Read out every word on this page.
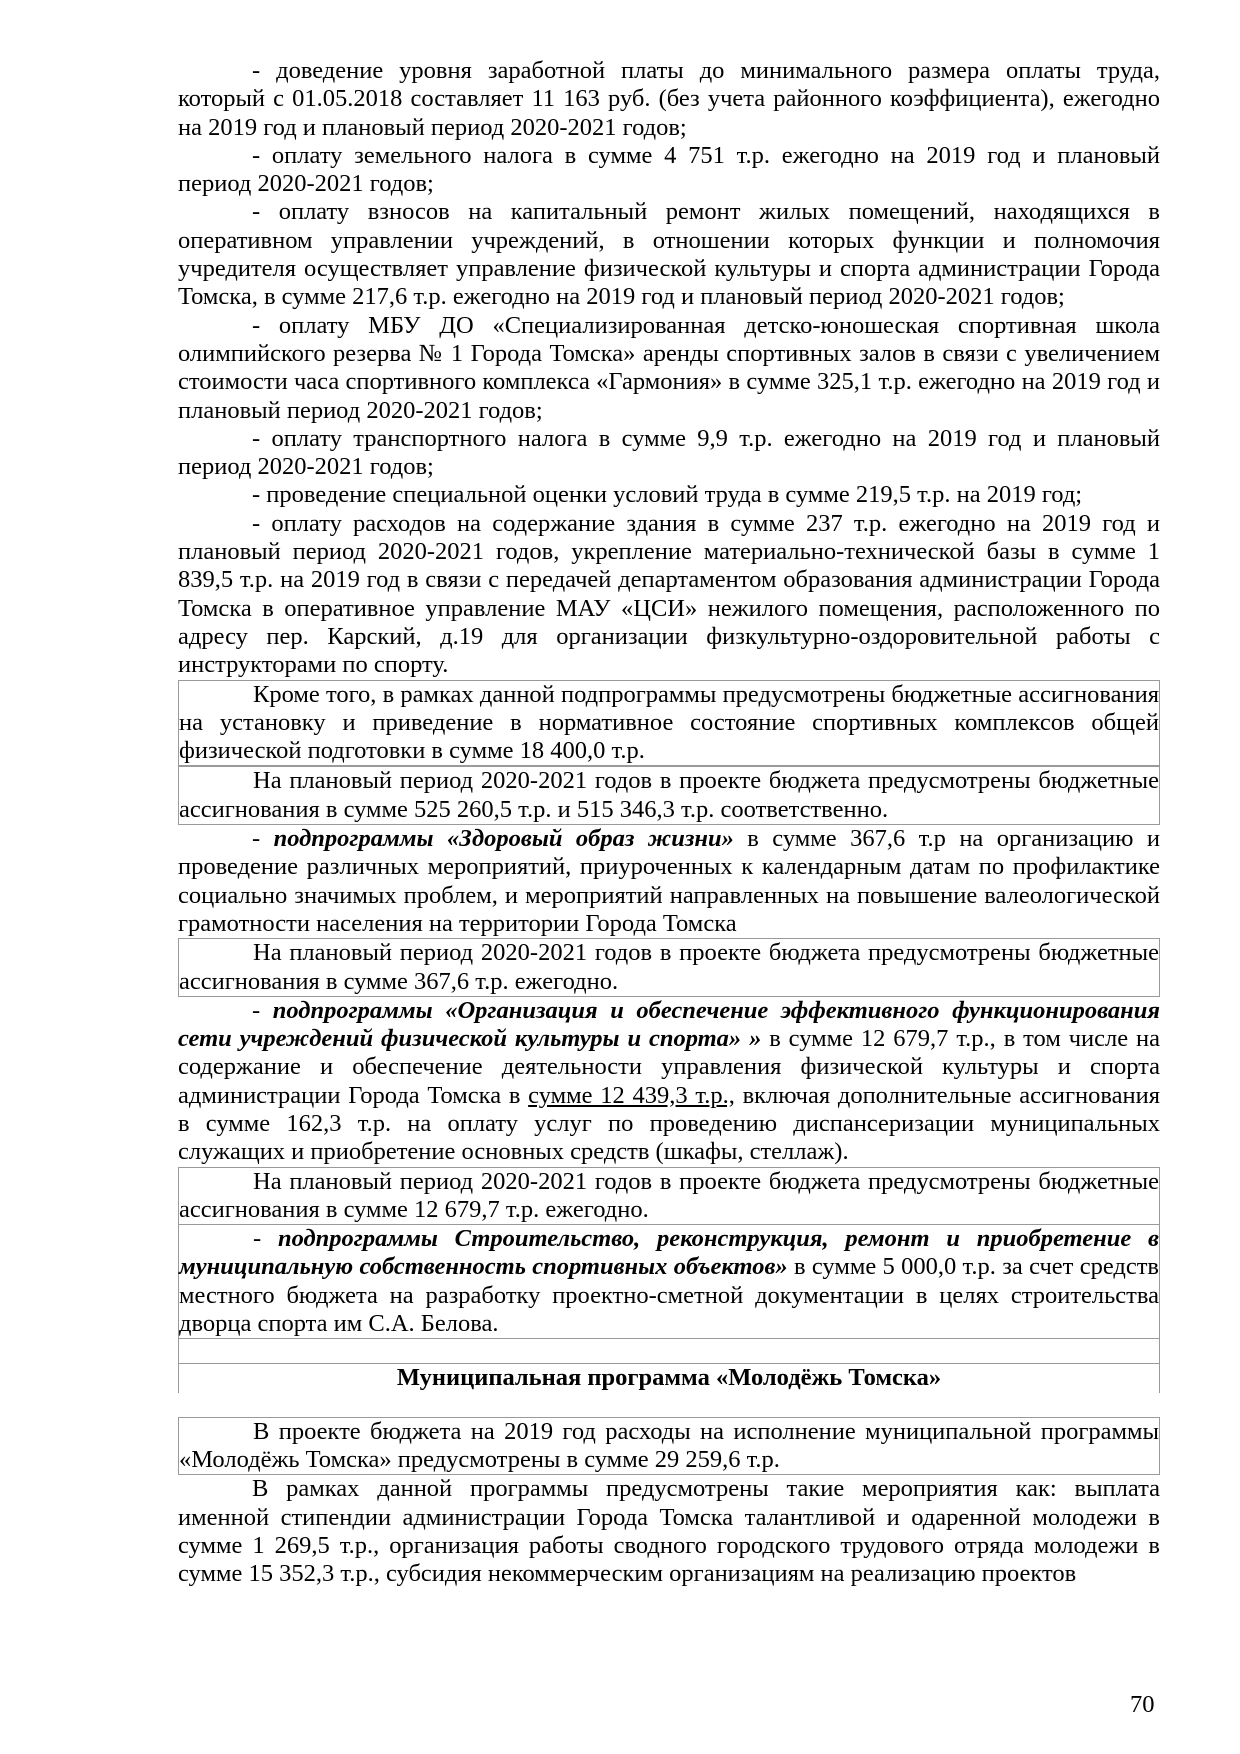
- доведение уровня заработной платы до минимального размера оплаты труда, который с 01.05.2018 составляет 11 163 руб. (без учета районного коэффициента), ежегодно на 2019 год и плановый период 2020-2021 годов;

- оплату земельного налога в сумме 4 751 т.р. ежегодно на 2019 год и плановый период 2020-2021 годов;

- оплату взносов на капитальный ремонт жилых помещений, находящихся в оперативном управлении учреждений, в отношении которых функции и полномочия учредителя осуществляет управление физической культуры и спорта администрации Города Томска, в сумме 217,6 т.р. ежегодно на 2019 год и плановый период 2020-2021 годов;

- оплату МБУ ДО «Специализированная детско-юношеская спортивная школа олимпийского резерва № 1 Города Томска» аренды спортивных залов в связи с увеличением стоимости часа спортивного комплекса «Гармония» в сумме 325,1 т.р. ежегодно на 2019 год и плановый период 2020-2021 годов;

- оплату транспортного налога в сумме 9,9 т.р. ежегодно на 2019 год и плановый период 2020-2021 годов;

- проведение специальной оценки условий труда в сумме 219,5 т.р. на 2019 год;

- оплату расходов на содержание здания в сумме 237 т.р. ежегодно на 2019 год и плановый период 2020-2021 годов, укрепление материально-технической базы в сумме 1 839,5 т.р. на 2019 год в связи с передачей департаментом образования администрации Города Томска в оперативное управление МАУ «ЦСИ» нежилого помещения, расположенного по адресу пер. Карский, д.19 для организации физкультурно-оздоровительной работы с инструкторами по спорту.

Кроме того, в рамках данной подпрограммы предусмотрены бюджетные ассигнования на установку и приведение в нормативное состояние спортивных комплексов общей физической подготовки в сумме 18 400,0 т.р.

На плановый период 2020-2021 годов в проекте бюджета предусмотрены бюджетные ассигнования в сумме 525 260,5 т.р. и 515 346,3 т.р. соответственно.

- подпрограммы «Здоровый образ жизни» в сумме 367,6 т.р на организацию и проведение различных мероприятий, приуроченных к календарным датам по профилактике социально значимых проблем, и мероприятий направленных на повышение валеологической грамотности населения на территории Города Томска

На плановый период 2020-2021 годов в проекте бюджета предусмотрены бюджетные ассигнования в сумме 367,6 т.р. ежегодно.

- подпрограммы «Организация и обеспечение эффективного функционирования сети учреждений физической культуры и спорта» » в сумме 12 679,7 т.р., в том числе на содержание и обеспечение деятельности управления физической культуры и спорта администрации Города Томска в сумме 12 439,3 т.р., включая дополнительные ассигнования в сумме 162,3 т.р. на оплату услуг по проведению диспансеризации муниципальных служащих и приобретение основных средств (шкафы, стеллаж).

На плановый период 2020-2021 годов в проекте бюджета предусмотрены бюджетные ассигнования в сумме 12 679,7 т.р. ежегодно.

- подпрограммы Строительство, реконструкция, ремонт и приобретение в муниципальную собственность спортивных объектов» в сумме 5 000,0 т.р. за счет средств местного бюджета на разработку проектно-сметной документации в целях строительства дворца спорта им С.А. Белова.

Муниципальная программа «Молодёжь Томска»

В проекте бюджета на 2019 год расходы на исполнение муниципальной программы «Молодёжь Томска» предусмотрены в сумме 29 259,6 т.р.

В рамках данной программы предусмотрены такие мероприятия как: выплата именной стипендии администрации Города Томска талантливой и одаренной молодежи в сумме 1 269,5 т.р., организация работы сводного городского трудового отряда молодежи в сумме 15 352,3 т.р., субсидия некоммерческим организациям на реализацию проектов

70
